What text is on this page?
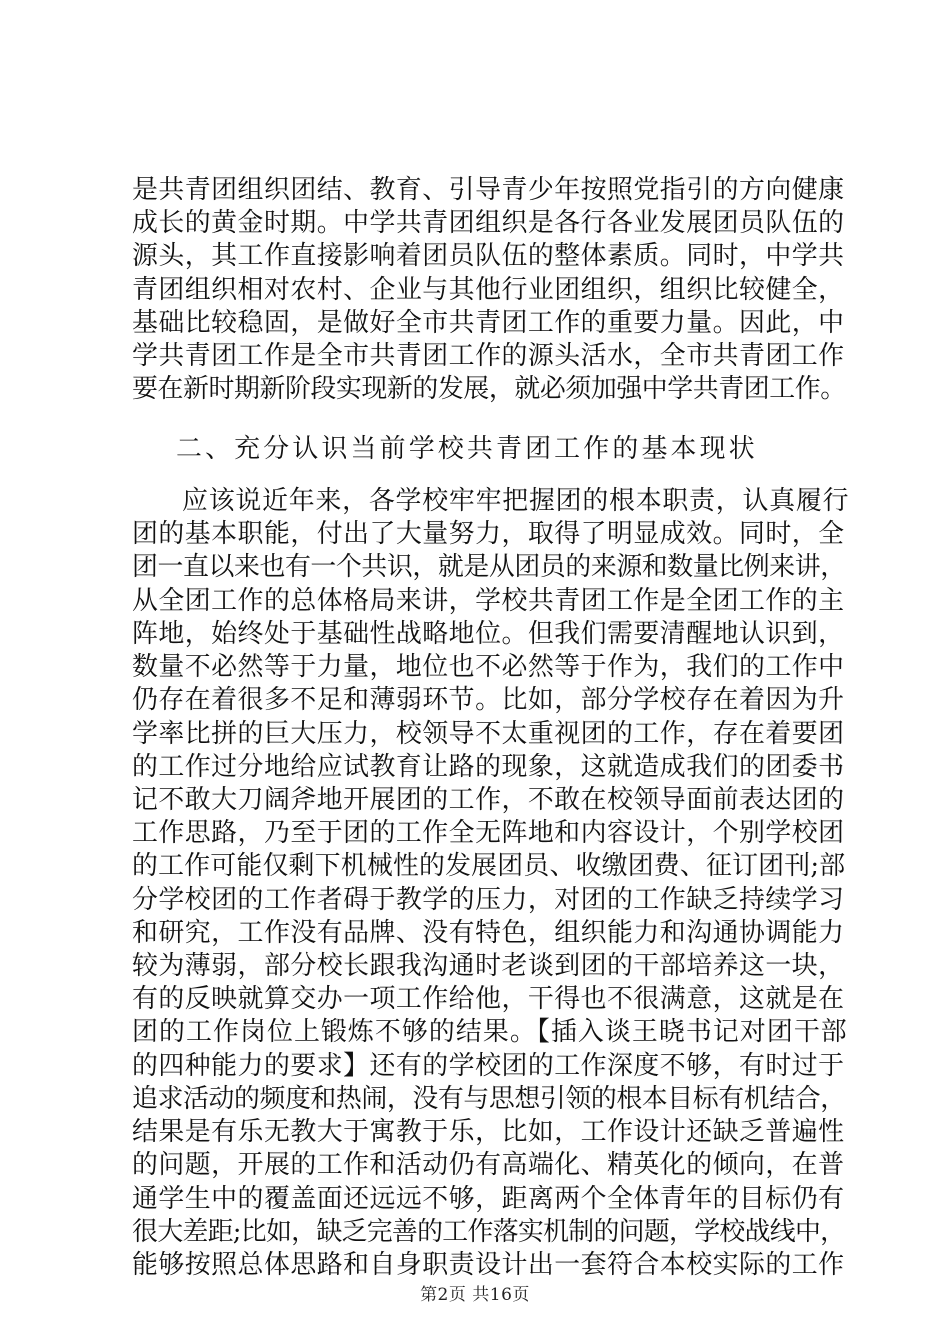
是共青团组织团结、教育、引导青少年按照党指引的方向健康
成长的黄金时期。中学共青团组织是各行各业发展团员队伍的
源头，其工作直接影响着团员队伍的整体素质。同时，中学共
青团组织相对农村、企业与其他行业团组织，组织比较健全，
基础比较稳固，是做好全市共青团工作的重要力量。因此，中
学共青团工作是全市共青团工作的源头活水，全市共青团工作
要在新时期新阶段实现新的发展，就必须加强中学共青团工作。
二、充分认识当前学校共青团工作的基本现状
应该说近年来，各学校牢牢把握团的根本职责，认真履行
团的基本职能，付出了大量努力，取得了明显成效。同时，全
团一直以来也有一个共识，就是从团员的来源和数量比例来讲，
从全团工作的总体格局来讲，学校共青团工作是全团工作的主
阵地，始终处于基础性战略地位。但我们需要清醒地认识到，
数量不必然等于力量，地位也不必然等于作为，我们的工作中
仍存在着很多不足和薄弱环节。比如，部分学校存在着因为升
学率比拼的巨大压力，校领导不太重视团的工作，存在着要团
的工作过分地给应试教育让路的现象，这就造成我们的团委书
记不敢大刀阔斧地开展团的工作，不敢在校领导面前表达团的
工作思路，乃至于团的工作全无阵地和内容设计，个别学校团
的工作可能仅剩下机械性的发展团员、收缴团费、征订团刊;部
分学校团的工作者碍于教学的压力，对团的工作缺乏持续学习
和研究，工作没有品牌、没有特色，组织能力和沟通协调能力
较为薄弱，部分校长跟我沟通时老谈到团的干部培养这一块，
有的反映就算交办一项工作给他，干得也不很满意，这就是在
团的工作岗位上锻炼不够的结果。【插入谈王晓书记对团干部
的四种能力的要求】还有的学校团的工作深度不够，有时过于
追求活动的频度和热闹，没有与思想引领的根本目标有机结合，
结果是有乐无教大于寓教于乐，比如，工作设计还缺乏普遍性
的问题，开展的工作和活动仍有高端化、精英化的倾向，在普
通学生中的覆盖面还远远不够，距离两个全体青年的目标仍有
很大差距;比如，缺乏完善的工作落实机制的问题，学校战线中，
能够按照总体思路和自身职责设计出一套符合本校实际的工作
第2页 共16页
